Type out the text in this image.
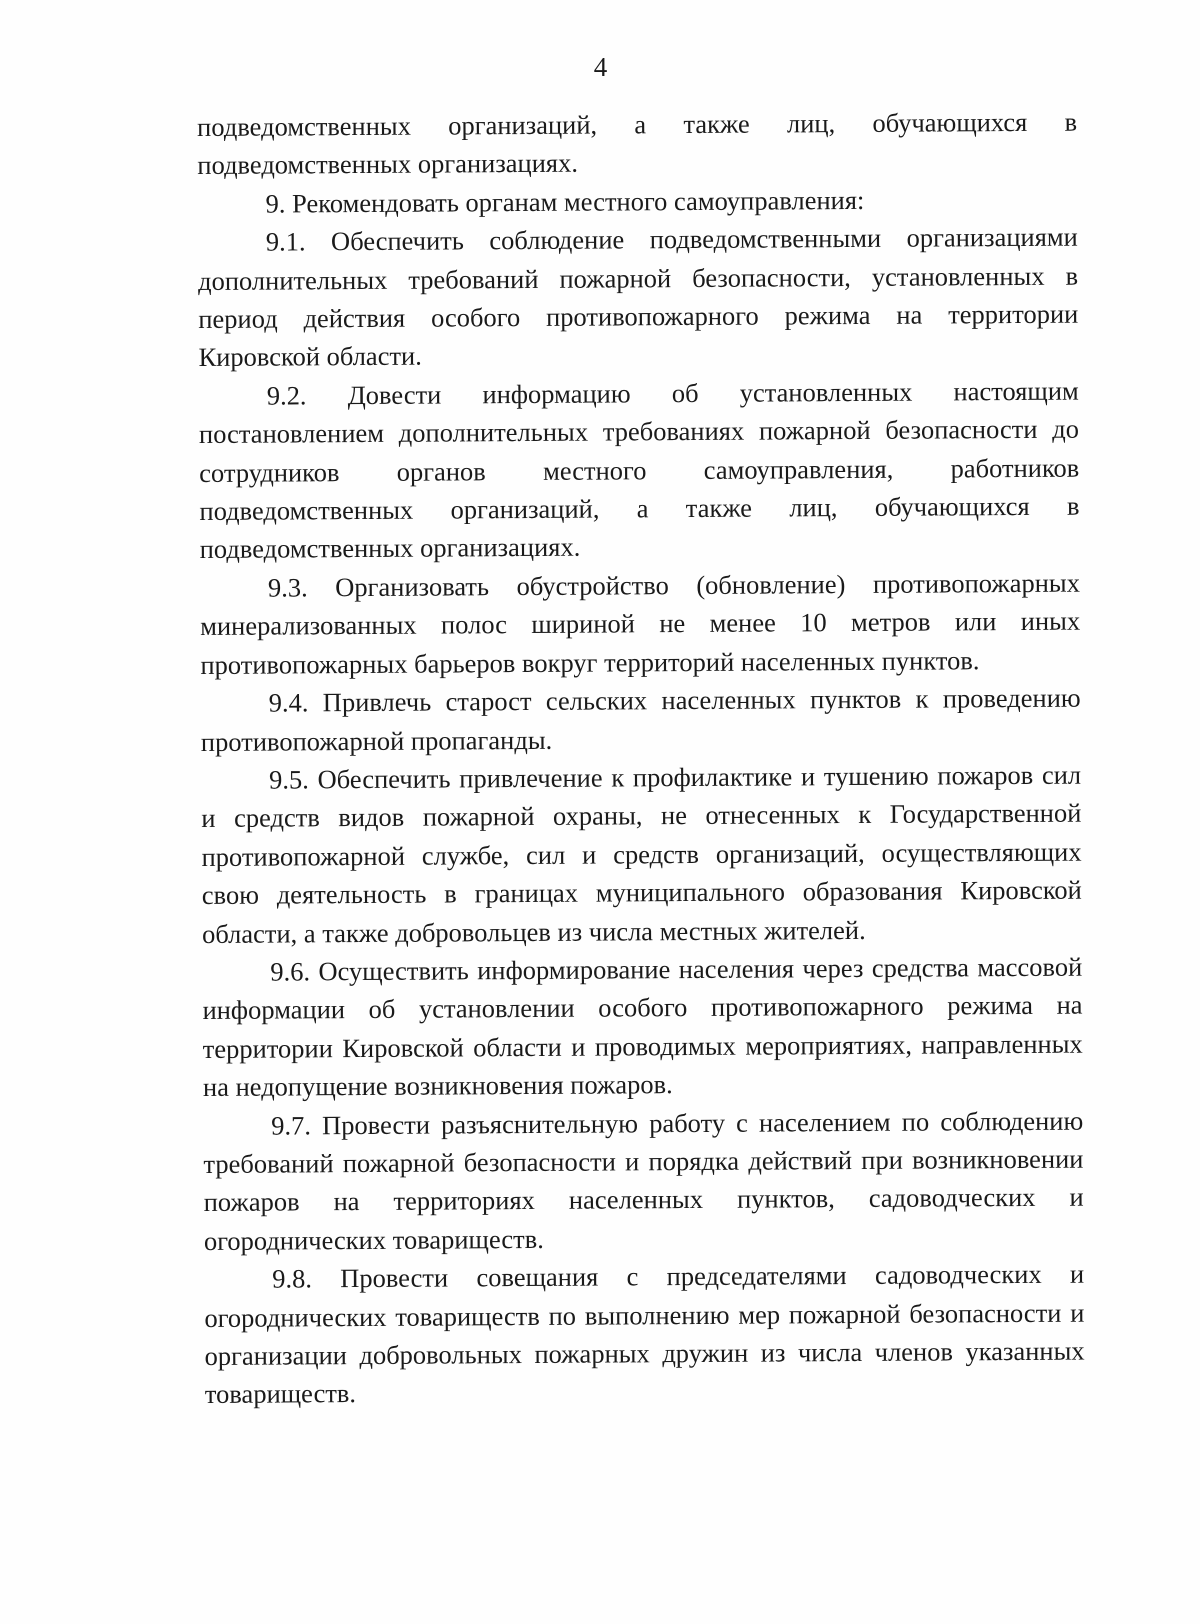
4

подведомственных организаций, а также лиц, обучающихся в подведомственных организациях.

9. Рекомендовать органам местного самоуправления:

9.1. Обеспечить соблюдение подведомственными организациями дополнительных требований пожарной безопасности, установленных в период действия особого противопожарного режима на территории Кировской области.

9.2. Довести информацию об установленных настоящим постановлением дополнительных требованиях пожарной безопасности до сотрудников органов местного самоуправления, работников подведомственных организаций, а также лиц, обучающихся в подведомственных организациях.

9.3. Организовать обустройство (обновление) противопожарных минерализованных полос шириной не менее 10 метров или иных противопожарных барьеров вокруг территорий населенных пунктов.

9.4. Привлечь старост сельских населенных пунктов к проведению противопожарной пропаганды.

9.5. Обеспечить привлечение к профилактике и тушению пожаров сил и средств видов пожарной охраны, не отнесенных к Государственной противопожарной службе, сил и средств организаций, осуществляющих свою деятельность в границах муниципального образования Кировской области, а также добровольцев из числа местных жителей.

9.6. Осуществить информирование населения через средства массовой информации об установлении особого противопожарного режима на территории Кировской области и проводимых мероприятиях, направленных на недопущение возникновения пожаров.

9.7. Провести разъяснительную работу с населением по соблюдению требований пожарной безопасности и порядка действий при возникновении пожаров на территориях населенных пунктов, садоводческих и огороднических товариществ.

9.8. Провести совещания с председателями садоводческих и огороднических товариществ по выполнению мер пожарной безопасности и организации добровольных пожарных дружин из числа членов указанных товариществ.
